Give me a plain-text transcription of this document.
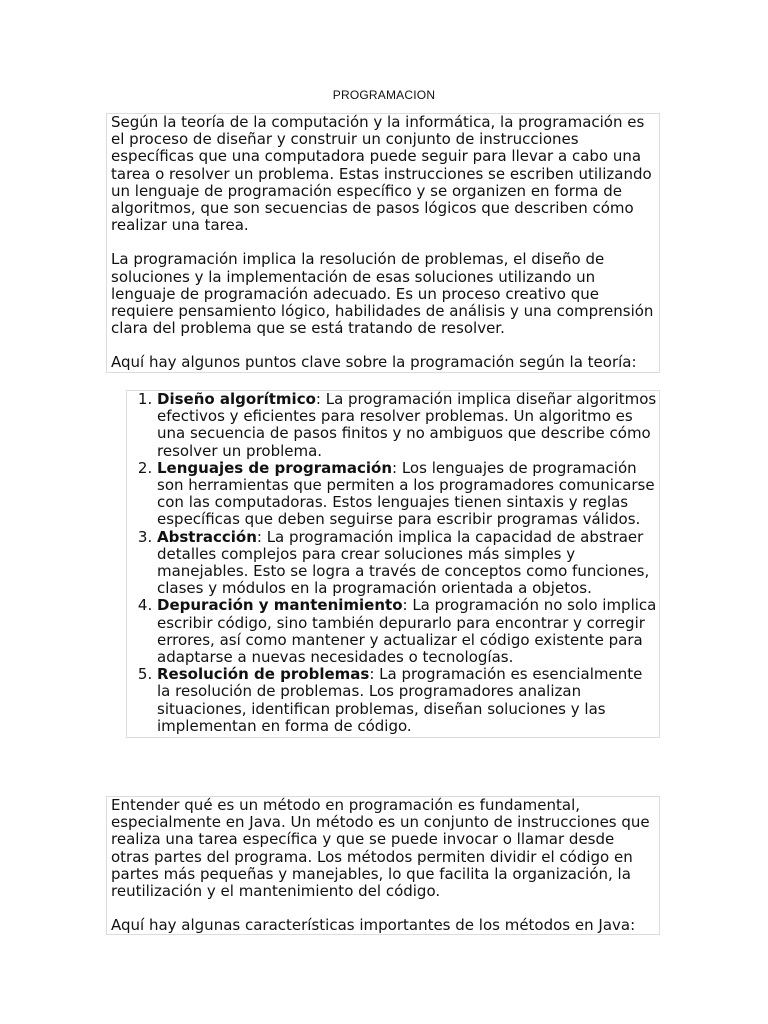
PROGRAMACION

Según la teoría de la computación y la informática, la programación es el proceso de diseñar y construir un conjunto de instrucciones específicas que una computadora puede seguir para llevar a cabo una tarea o resolver un problema. Estas instrucciones se escriben utilizando un lenguaje de programación específico y se organizen en forma de algoritmos, que son secuencias de pasos lógicos que describen cómo realizar una tarea.

La programación implica la resolución de problemas, el diseño de soluciones y la implementación de esas soluciones utilizando un lenguaje de programación adecuado. Es un proceso creativo que requiere pensamiento lógico, habilidades de análisis y una comprensión clara del problema que se está tratando de resolver.

Aquí hay algunos puntos clave sobre la programación según la teoría:

1. Diseño algorítmico: La programación implica diseñar algoritmos efectivos y eficientes para resolver problemas. Un algoritmo es una secuencia de pasos finitos y no ambiguos que describe cómo resolver un problema.
2. Lenguajes de programación: Los lenguajes de programación son herramientas que permiten a los programadores comunicarse con las computadoras. Estos lenguajes tienen sintaxis y reglas específicas que deben seguirse para escribir programas válidos.
3. Abstracción: La programación implica la capacidad de abstraer detalles complejos para crear soluciones más simples y manejables. Esto se logra a través de conceptos como funciones, clases y módulos en la programación orientada a objetos.
4. Depuración y mantenimiento: La programación no solo implica escribir código, sino también depurarlo para encontrar y corregir errores, así como mantener y actualizar el código existente para adaptarse a nuevas necesidades o tecnologías.
5. Resolución de problemas: La programación es esencialmente la resolución de problemas. Los programadores analizan situaciones, identifican problemas, diseñan soluciones y las implementan en forma de código.

Entender qué es un método en programación es fundamental, especialmente en Java. Un método es un conjunto de instrucciones que realiza una tarea específica y que se puede invocar o llamar desde otras partes del programa. Los métodos permiten dividir el código en partes más pequeñas y manejables, lo que facilita la organización, la reutilización y el mantenimiento del código.

Aquí hay algunas características importantes de los métodos en Java:
